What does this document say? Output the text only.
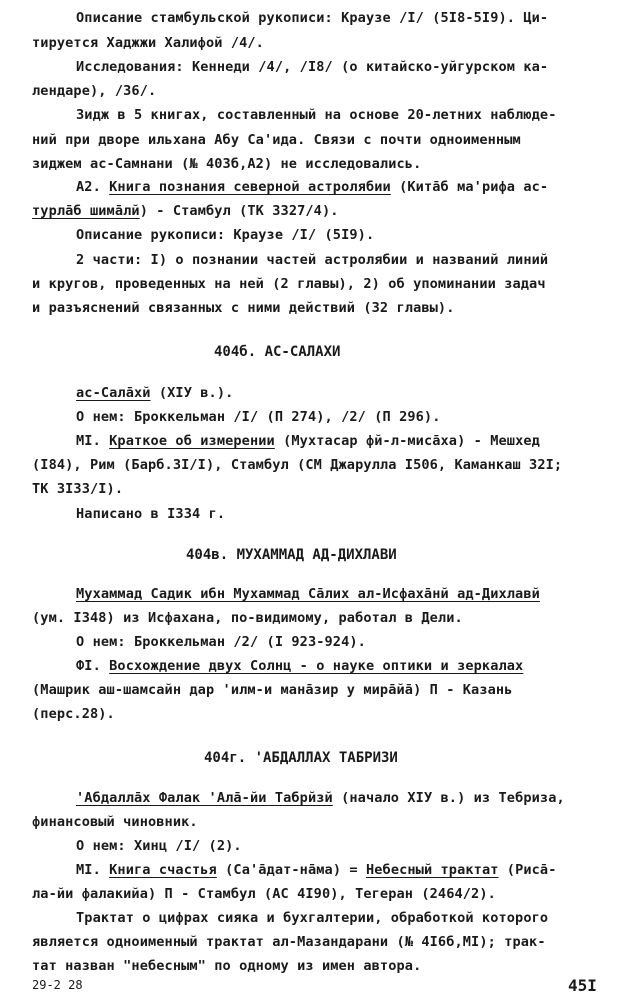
Описание стамбульской рукописи: Краузе /I/ (5I8-5I9). Ци-
тируется Хаджжи Халифой /4/.
Исследования: Кеннеди /4/, /I8/ (о китайско-уйгурском ка-
лендаре), /36/.
Зидж в 5 книгах, составленный на основе 20-летних наблюде-
ний при дворе ильхана Абу Са'ида. Связи с почти одноименным
зиджем ас-Самнани (№ 403б,А2) не исследовались.
А2. Книга познания северной астролябии (Китāб ма'рифа ас-
турлāб шимāлй) - Стамбул (ТК 3327/4).
Описание рукописи: Краузе /I/ (5I9).
2 части: I) о познании частей астролябии и названий линий
и кругов, проведенных на ней (2 главы), 2) об упоминании задач
и разъяснений связанных с ними действий (32 главы).
404б. АС-САЛАХИ
ас-Салāхй (XIУ в.).
О нем: Броккельман /I/ (П 274), /2/ (П 296).
МI. Краткое об измерении (Мухтасар фй-л-мисāха) - Мешхед
(I84), Рим (Барб.3I/I), Стамбул (СМ Джарулла I506, Каманкаш 32I;
ТК 3I33/I).
Написано в I334 г.
404в. МУХАММАД АД-ДИХЛАВИ
Мухаммад Садик ибн Мухаммад Сāлих ал-Исфахāнй ад-Дихлавй
(ум. I348) из Исфахана, по-видимому, работал в Дели.
О нем: Броккельман /2/ (I 923-924).
ФI. Восхождение двух Солнц - о науке оптики и зеркалах
(Машрик аш-шамсайн дар 'илм-и манāзир у мирāйā) П - Казань
(перс.28).
404г. 'АБДАЛЛАХ ТАБРИЗИ
'Абдаллāх Фалак 'Алā-йи Табрйзй (начало XIУ в.) из Тебриза,
финансовый чиновник.
О нем: Хинц /I/ (2).
МI. Книга счастья (Са'āдат-нāма) = Небесный трактат (Рисā-
ла-йи фалакийа) П - Стамбул (АС 4I90), Тегеран (2464/2).
Трактат о цифрах сияка и бухгалтерии, обработкой которого
является одноименный трактат ал-Мазандарани (№ 4I6б,МI); трак-
тат назван "небесным" по одному из имен автора.
29-2 28	45I
